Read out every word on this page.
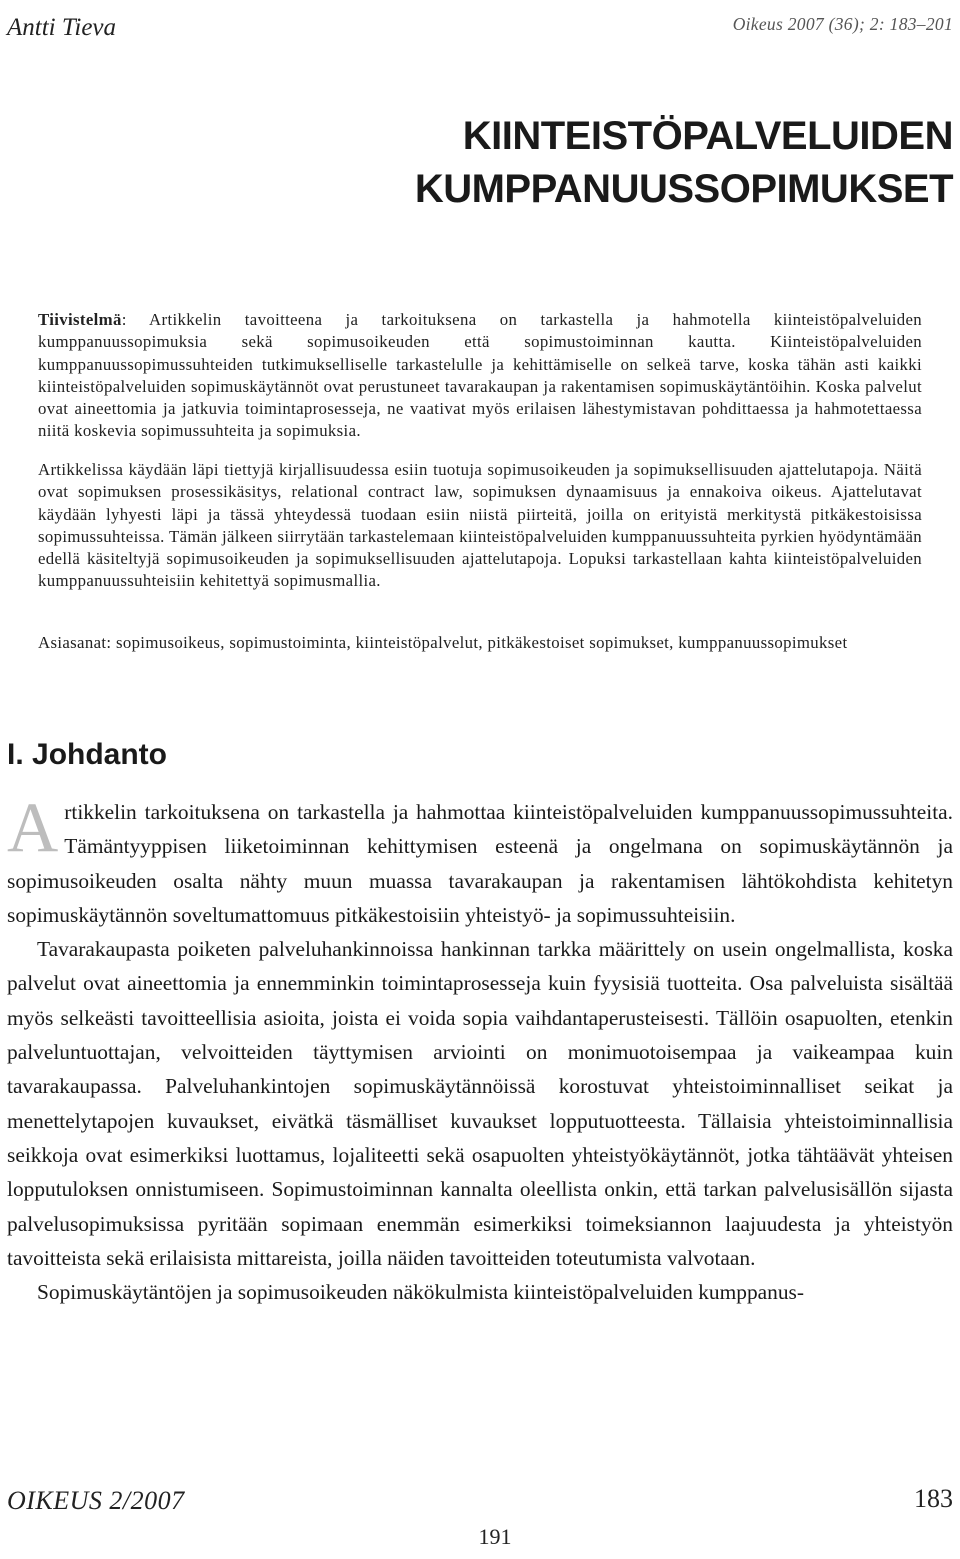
Antti Tieva	Oikeus 2007 (36); 2: 183–201
KIINTEISTÖPALVELUIDEN
KUMPPANUUSSOPIMUKSET

Tiivistelmä: Artikkelin tavoitteena ja tarkoituksena on tarkastella ja hahmotella kiinteistöpalveluiden kumppanuussopimuksia sekä sopimusoikeuden että sopimustoiminnan kautta. Kiinteistöpalveluiden kumppanuussopimussuhteiden tutkimukselliselle tarkastelulle ja kehittämiselle on selkeä tarve, koska tähän asti kaikki kiinteistöpalveluiden sopimuskäytännöt ovat perustuneet tavarakaupan ja rakentamisen sopimuskäytäntöihin. Koska palvelut ovat aineettomia ja jatkuvia toimintaprosesseja, ne vaativat myös erilaisen lähestymistavan pohdittaessa ja hahmotettaessa niitä koskevia sopimussuhteita ja sopimuksia.

Artikkelissa käydään läpi tiettyjä kirjallisuudessa esiin tuotuja sopimusoikeuden ja sopimuksellisuuden ajattelutapoja. Näitä ovat sopimuksen prosessikäsitys, relational contract law, sopimuksen dynaamisuus ja ennakoiva oikeus. Ajattelutavat käydään lyhyesti läpi ja tässä yhteydessä tuodaan esiin niistä piirteitä, joilla on erityistä merkitystä pitkäkestoisissa sopimussuhteissa. Tämän jälkeen siirrytään tarkastelemaan kiinteistöpalveluiden kumppanuussuhteita pyrkien hyödyntämään edellä käsiteltyjä sopimusoikeuden ja sopimuksellisuuden ajattelutapoja. Lopuksi tarkastellaan kahta kiinteistöpalveluiden kumppanuussuhteisiin kehitettyä sopimusmallia.

Asiasanat: sopimusoikeus, sopimustoiminta, kiinteistöpalvelut, pitkäkestoiset sopimukset, kumppanuussopimukset

I. Johdanto

Artikkelin tarkoituksena on tarkastella ja hahmottaa kiinteistöpalveluiden kumppanuussopimussuhteita. Tämäntyyppisen liiketoiminnan kehittymisen esteenä ja ongelmana on sopimuskäytännön ja sopimusoikeuden osalta nähty muun muassa tavarakaupan ja rakentamisen lähtökohdista kehitetyn sopimuskäytännön soveltumattomuus pitkäkestoisiin yhteistyö- ja sopimussuhteisiin.

Tavarakaupasta poiketen palveluhankinnoissa hankinnan tarkka määrittely on usein ongelmallista, koska palvelut ovat aineettomia ja ennemminkin toimintaprosesseja kuin fyysisiä tuotteita. Osa palveluista sisältää myös selkeästi tavoitteellisia asioita, joista ei voida sopia vaihdantaperusteisesti. Tällöin osapuolten, etenkin palveluntuottajan, velvoitteiden täyttymisen arviointi on monimuotoisempaa ja vaikeampaa kuin tavarakaupassa. Palveluhankintojen sopimuskäytännöissä korostuvat yhteistoiminnalliset seikat ja menettelytapojen kuvaukset, eivätkä täsmälliset kuvaukset lopputuotteesta. Tällaisia yhteistoiminnallisia seikkoja ovat esimerkiksi luottamus, lojaliteetti sekä osapuolten yhteistyökäytännöt, jotka tähtäävät yhteisen lopputuloksen onnistumiseen. Sopimustoiminnan kannalta oleellista onkin, että tarkan palvelusisällön sijasta palvelusopimuksissa pyritään sopimaan enemmän esimerkiksi toimeksiannon laajuudesta ja yhteistyön tavoitteista sekä erilaisista mittareista, joilla näiden tavoitteiden toteutumista valvotaan.

Sopimuskäytäntöjen ja sopimusoikeuden näkökulmista kiinteistöpalveluiden kumppanus-

OIKEUS 2/2007	183
191
